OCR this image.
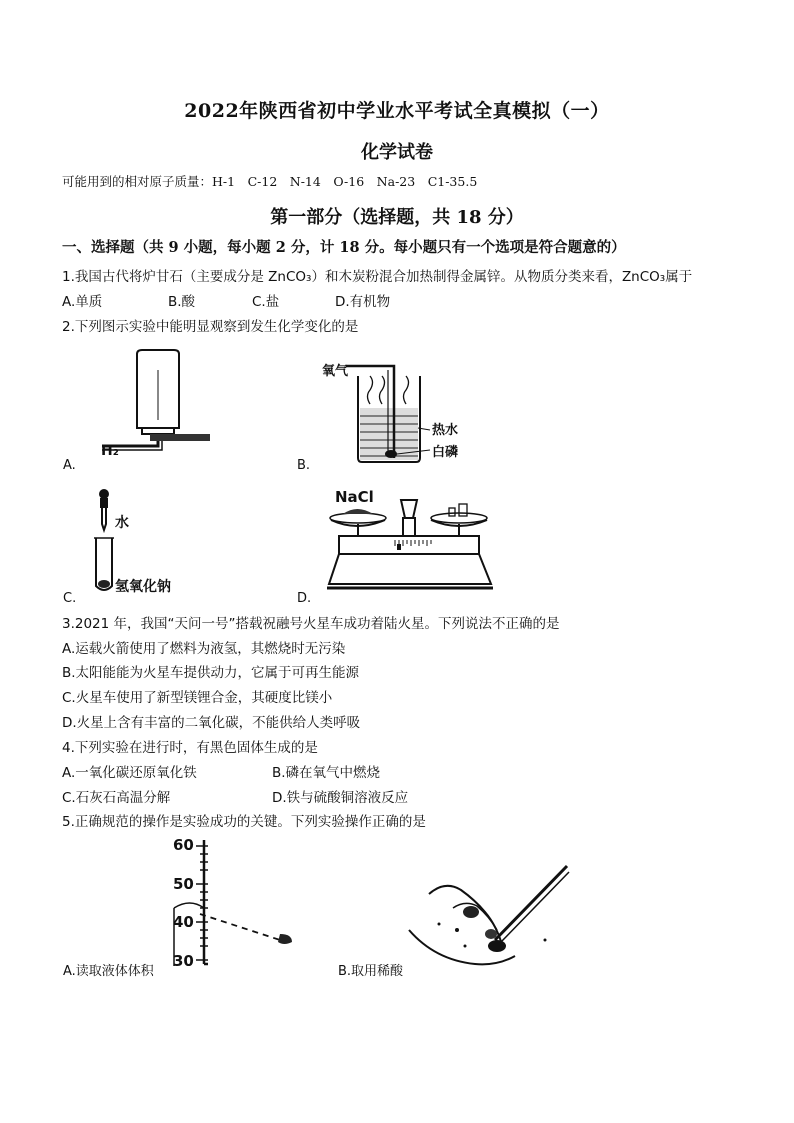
2022年陕西省初中学业水平考试全真模拟（一）
化学试卷
可能用到的相对原子质量：H-1　C-12　N-14　O-16　Na-23　C1-35.5
第一部分（选择题，共 18 分）
一、选择题（共 9 小题，每小题 2 分，计 18 分。每小题只有一个选项是符合题意的）
1.我国古代将炉甘石（主要成分是 ZnCO₃）和木炭粉混合加热制得金属锌。从物质分类来看，ZnCO₃属于
A.单质	B.酸	C.盐	D.有机物
2.下列图示实验中能明显观察到发生化学变化的是
H₂
A.
氧气
热水
白磷
B.
水
氢氧化钠
C.
NaCl
D.
3.2021 年，我国“天问一号”搭载祝融号火星车成功着陆火星。下列说法不正确的是
A.运载火箭使用了燃料为液氢，其燃烧时无污染
B.太阳能能为火星车提供动力，它属于可再生能源
C.火星车使用了新型镁锂合金，其硬度比镁小
D.火星上含有丰富的二氧化碳，不能供给人类呼吸
4.下列实验在进行时，有黑色固体生成的是
A.一氧化碳还原氧化铁	B.磷在氧气中燃烧
C.石灰石高温分解	D.铁与硫酸铜溶液反应
5.正确规范的操作是实验成功的关键。下列实验操作正确的是
60
50
40
30
A.读取液体体积	B.取用稀酸
